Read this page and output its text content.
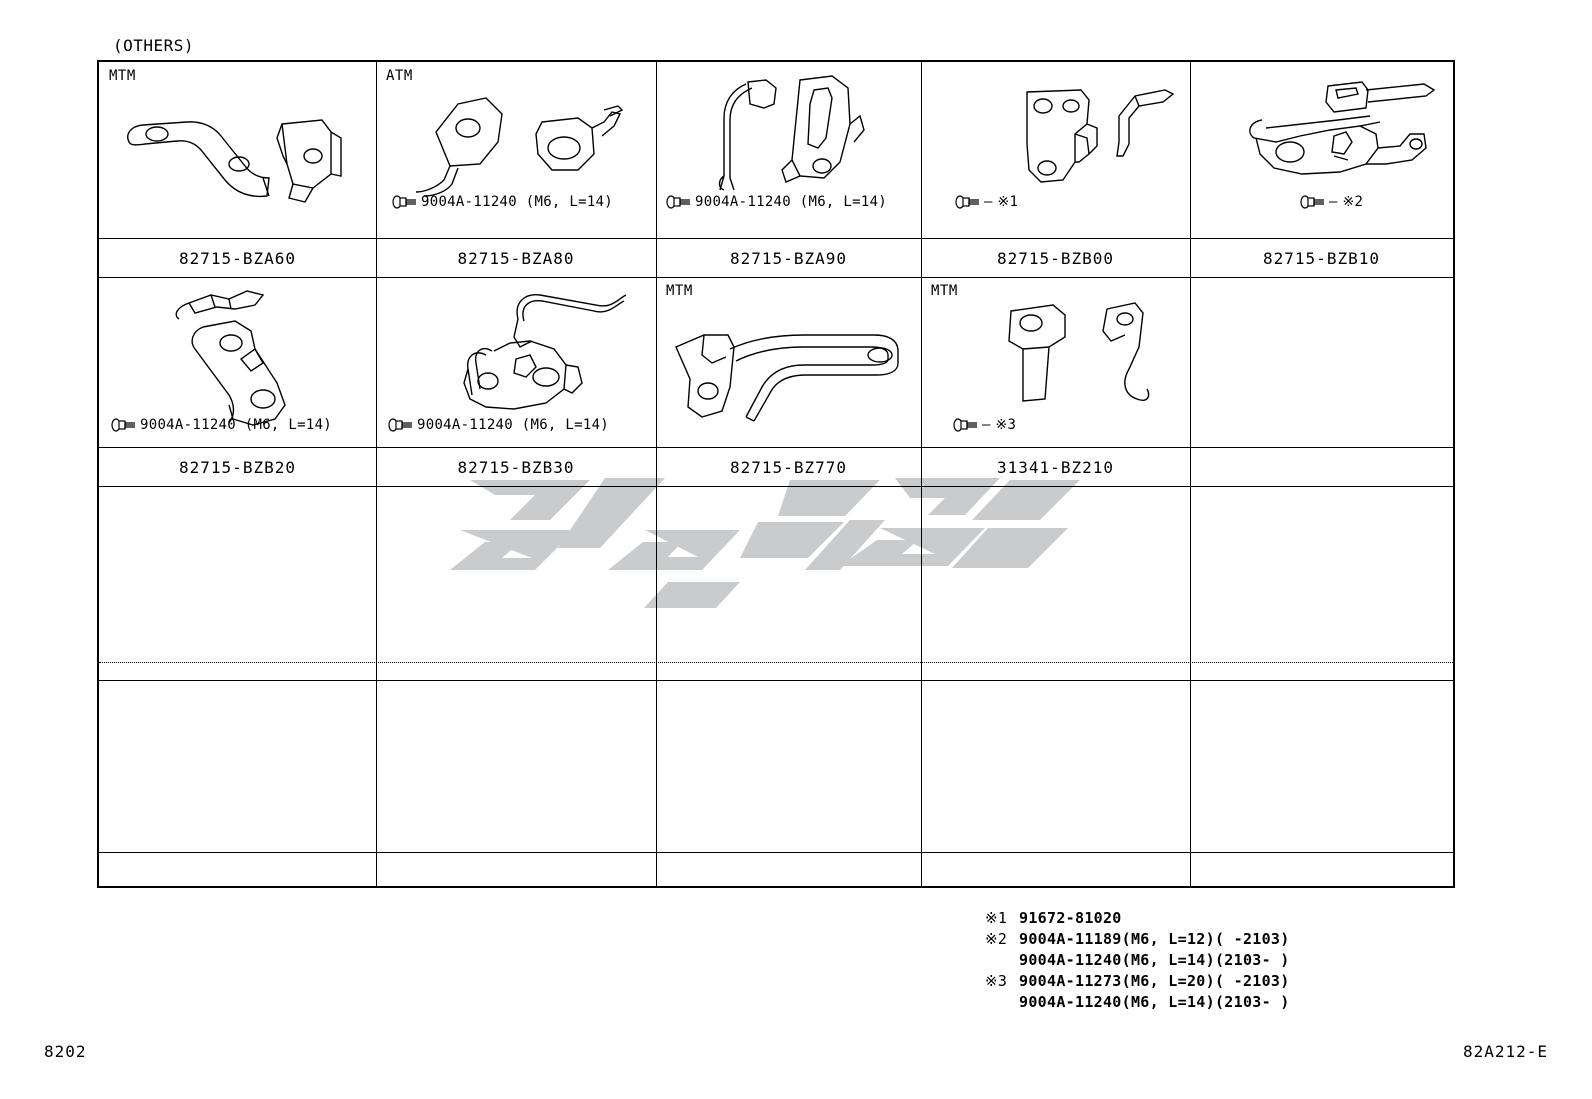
(OTHERS)
MTM
82715-BZA60
ATM
9004A-11240 (M6, L=14)
82715-BZA80
9004A-11240 (M6, L=14)
82715-BZA90
— ※1
82715-BZB00
— ※2
82715-BZB10
9004A-11240 (M6, L=14)
82715-BZB20
9004A-11240 (M6, L=14)
82715-BZB30
MTM
82715-BZ770
MTM
— ※3
31341-BZ210
※1 91672-81020
※2 9004A-11189(M6, L=12)( -2103)
9004A-11240(M6, L=14)(2103- )
※3 9004A-11273(M6, L=20)( -2103)
9004A-11240(M6, L=14)(2103- )
8202	82A212-E
